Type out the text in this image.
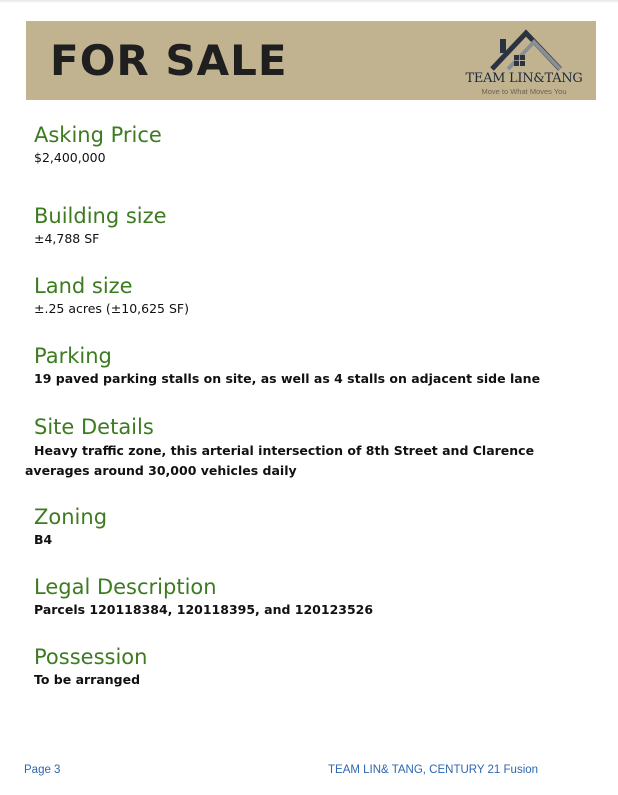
FOR SALE	TEAM LIN&TANG
Move to What Moves You
Asking Price
$2,400,000
Building size
±4,788 SF
Land size
±.25 acres (±10,625 SF)
Parking
19 paved parking stalls on site, as well as 4 stalls on adjacent side lane
Site Details
Heavy traffic zone, this arterial intersection of 8th Street and Clarence averages around 30,000 vehicles daily
Zoning
B4
Legal Description
Parcels 120118384, 120118395, and 120123526
Possession
To be arranged
Page 3	TEAM LIN& TANG, CENTURY 21 Fusion
